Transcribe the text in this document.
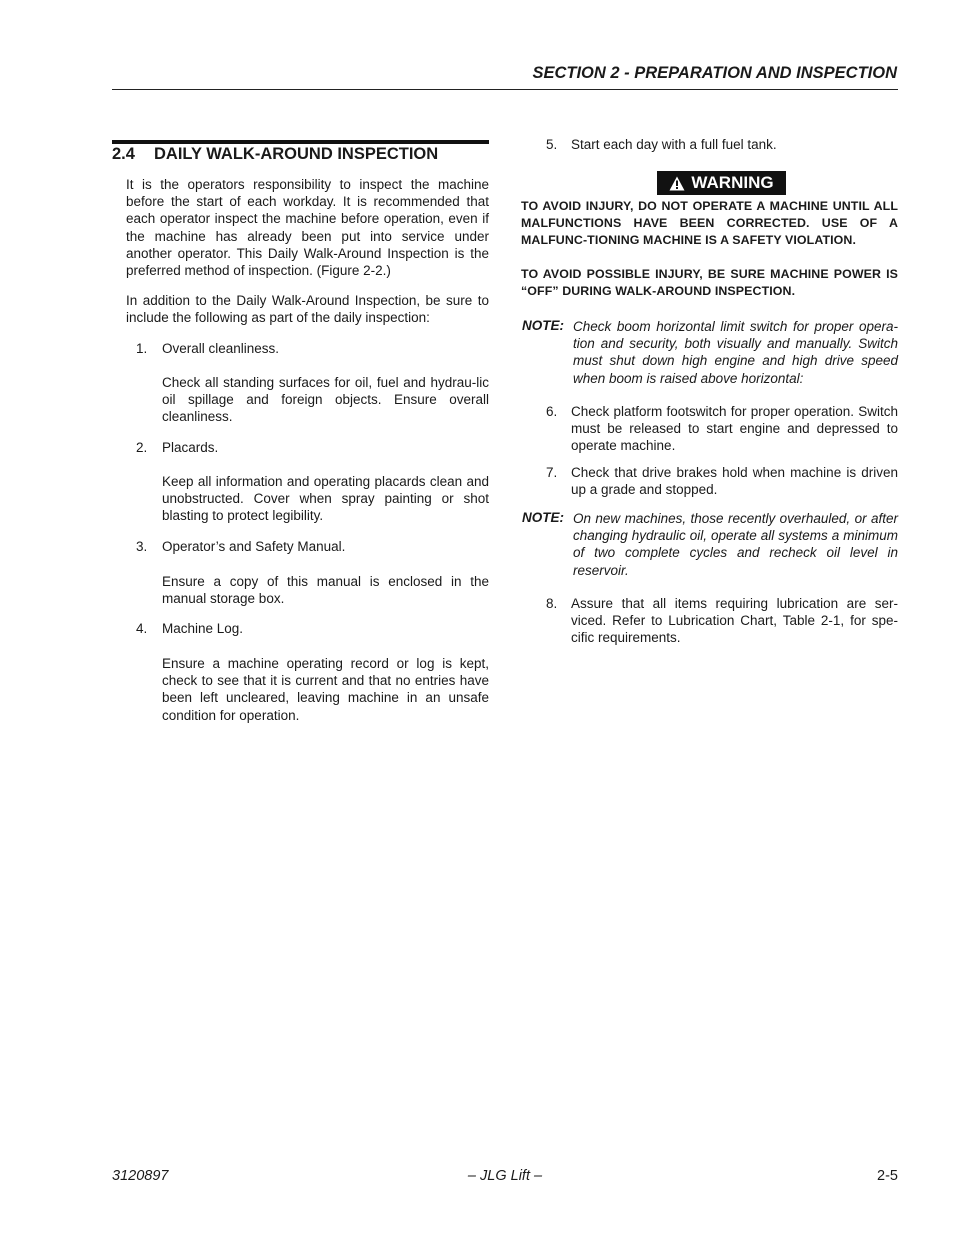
SECTION 2 - PREPARATION AND INSPECTION
2.4 DAILY WALK-AROUND INSPECTION
It is the operators responsibility to inspect the machine before the start of each workday. It is recommended that each operator inspect the machine before operation, even if the machine has already been put into service under another operator. This Daily Walk-Around Inspection is the preferred method of inspection. (Figure 2-2.)
In addition to the Daily Walk-Around Inspection, be sure to include the following as part of the daily inspection:
1. Overall cleanliness.
Check all standing surfaces for oil, fuel and hydrau-lic oil spillage and foreign objects. Ensure overall cleanliness.
2. Placards.
Keep all information and operating placards clean and unobstructed. Cover when spray painting or shot blasting to protect legibility.
3. Operator’s and Safety Manual.
Ensure a copy of this manual is enclosed in the manual storage box.
4. Machine Log.
Ensure a machine operating record or log is kept, check to see that it is current and that no entries have been left uncleared, leaving machine in an unsafe condition for operation.
5. Start each day with a full fuel tank.
WARNING
TO AVOID INJURY, DO NOT OPERATE A MACHINE UNTIL ALL MALFUNCTIONS HAVE BEEN CORRECTED. USE OF A MALFUNC-TIONING MACHINE IS A SAFETY VIOLATION.
TO AVOID POSSIBLE INJURY, BE SURE MACHINE POWER IS “OFF” DURING WALK-AROUND INSPECTION.
NOTE: Check boom horizontal limit switch for proper opera-tion and security, both visually and manually. Switch must shut down high engine and high drive speed when boom is raised above horizontal:
6. Check platform footswitch for proper operation. Switch must be released to start engine and depressed to operate machine.
7. Check that drive brakes hold when machine is driven up a grade and stopped.
NOTE: On new machines, those recently overhauled, or after changing hydraulic oil, operate all systems a minimum of two complete cycles and recheck oil level in reservoir.
8. Assure that all items requiring lubrication are ser-viced. Refer to Lubrication Chart, Table 2-1, for spe-cific requirements.
3120897	– JLG Lift –	2-5
